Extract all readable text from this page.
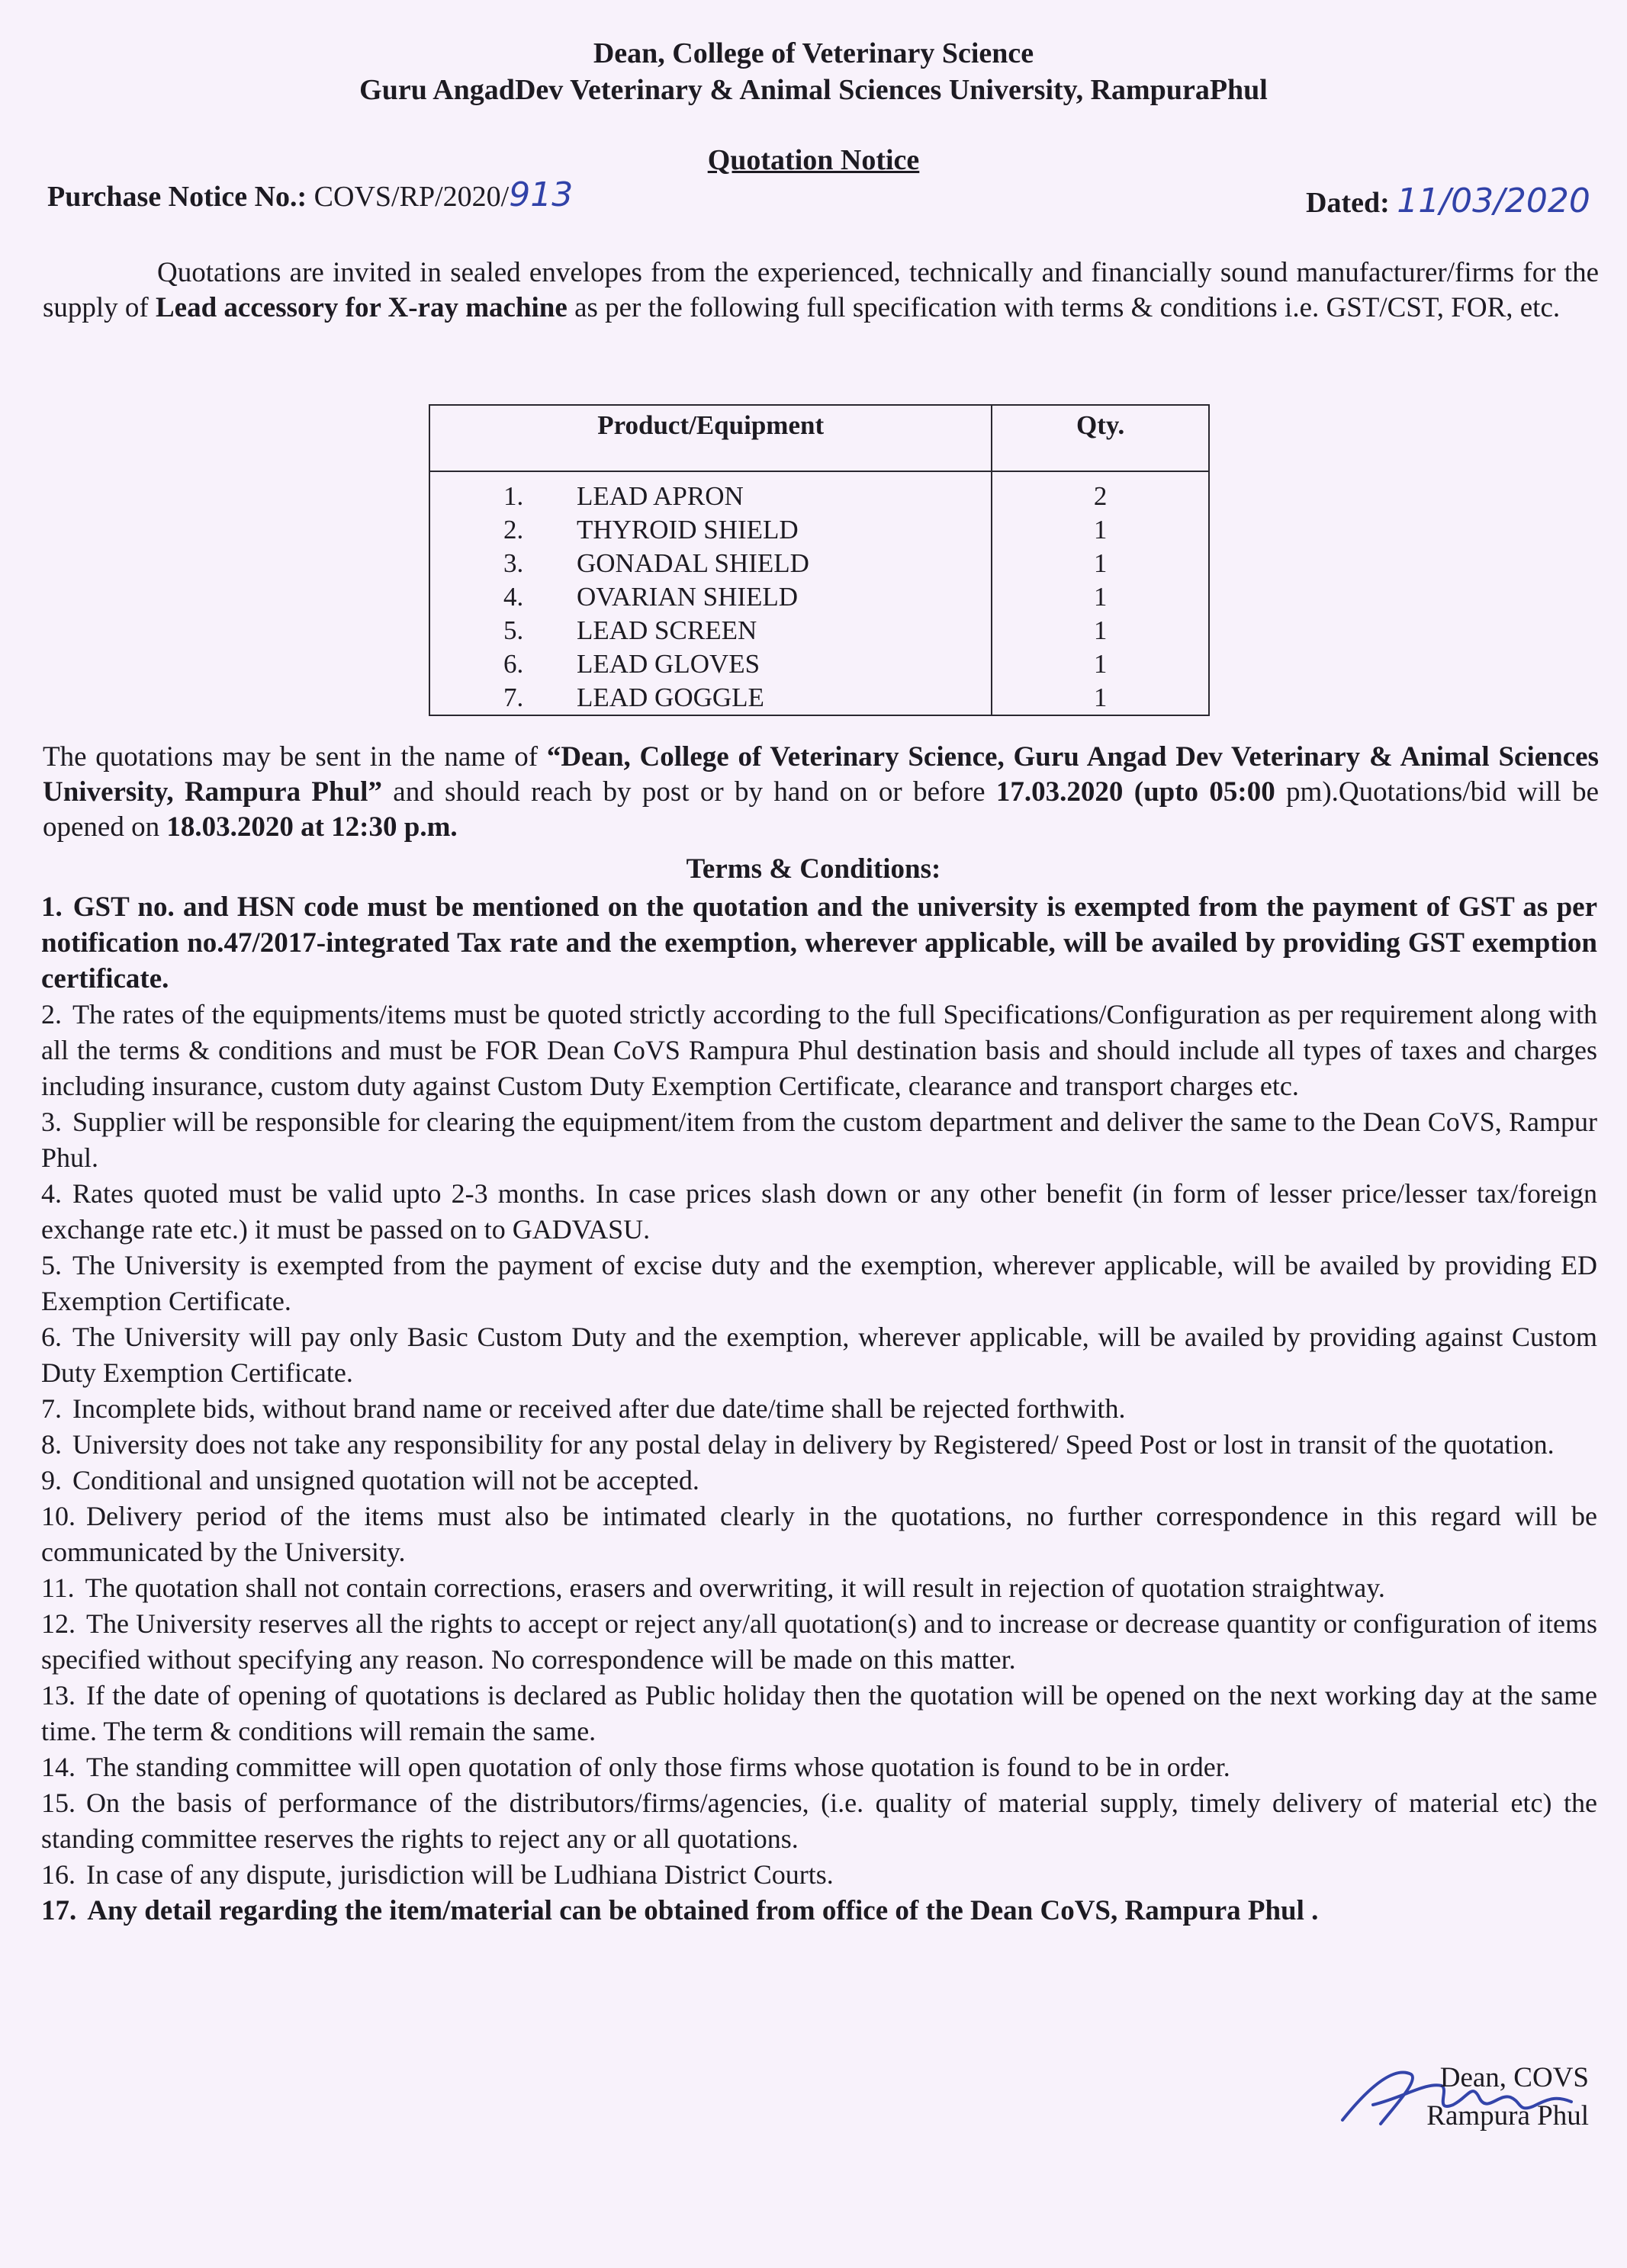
Dean, College of Veterinary Science
Guru AngadDev Veterinary & Animal Sciences University, RampuraPhul
Quotation Notice
Purchase Notice No.: COVS/RP/2020/913	Dated: 11/03/2020
Quotations are invited in sealed envelopes from the experienced, technically and financially sound manufacturer/firms for the supply of Lead accessory for X-ray machine as per the following full specification with terms & conditions i.e. GST/CST, FOR, etc.
Product/Equipment	Qty.
1. LEAD APRON	2
2. THYROID SHIELD	1
3. GONADAL SHIELD	1
4. OVARIAN SHIELD	1
5. LEAD SCREEN	1
6. LEAD GLOVES	1
7. LEAD GOGGLE	1
The quotations may be sent in the name of “Dean, College of Veterinary Science, Guru Angad Dev Veterinary & Animal Sciences University, Rampura Phul” and should reach by post or by hand on or before 17.03.2020 (upto 05:00 pm).Quotations/bid will be opened on 18.03.2020 at 12:30 p.m.
Terms & Conditions:

1. GST no. and HSN code must be mentioned on the quotation and the university is exempted from the payment of GST as per notification no.47/2017-integrated Tax rate and the exemption, wherever applicable, will be availed by providing GST exemption certificate.

2. The rates of the equipments/items must be quoted strictly according to the full Specifications/Configuration as per requirement along with all the terms & conditions and must be FOR Dean CoVS Rampura Phul destination basis and should include all types of taxes and charges including insurance, custom duty against Custom Duty Exemption Certificate, clearance and transport charges etc.

3. Supplier will be responsible for clearing the equipment/item from the custom department and deliver the same to the Dean CoVS, Rampur Phul.

4. Rates quoted must be valid upto 2-3 months. In case prices slash down or any other benefit (in form of lesser price/lesser tax/foreign exchange rate etc.) it must be passed on to GADVASU.

5. The University is exempted from the payment of excise duty and the exemption, wherever applicable, will be availed by providing ED Exemption Certificate.

6. The University will pay only Basic Custom Duty and the exemption, wherever applicable, will be availed by providing against Custom Duty Exemption Certificate.

7. Incomplete bids, without brand name or received after due date/time shall be rejected forthwith.

8. University does not take any responsibility for any postal delay in delivery by Registered/ Speed Post or lost in transit of the quotation.

9. Conditional and unsigned quotation will not be accepted.

10. Delivery period of the items must also be intimated clearly in the quotations, no further correspondence in this regard will be communicated by the University.

11. The quotation shall not contain corrections, erasers and overwriting, it will result in rejection of quotation straightway.

12. The University reserves all the rights to accept or reject any/all quotation(s) and to increase or decrease quantity or configuration of items specified without specifying any reason. No correspondence will be made on this matter.

13. If the date of opening of quotations is declared as Public holiday then the quotation will be opened on the next working day at the same time. The term & conditions will remain the same.

14. The standing committee will open quotation of only those firms whose quotation is found to be in order.

15. On the basis of performance of the distributors/firms/agencies, (i.e. quality of material supply, timely delivery of material etc) the standing committee reserves the rights to reject any or all quotations.

16. In case of any dispute, jurisdiction will be Ludhiana District Courts.

17. Any detail regarding the item/material can be obtained from office of the Dean CoVS, Rampura Phul .

Dean, COVS
Rampura Phul
